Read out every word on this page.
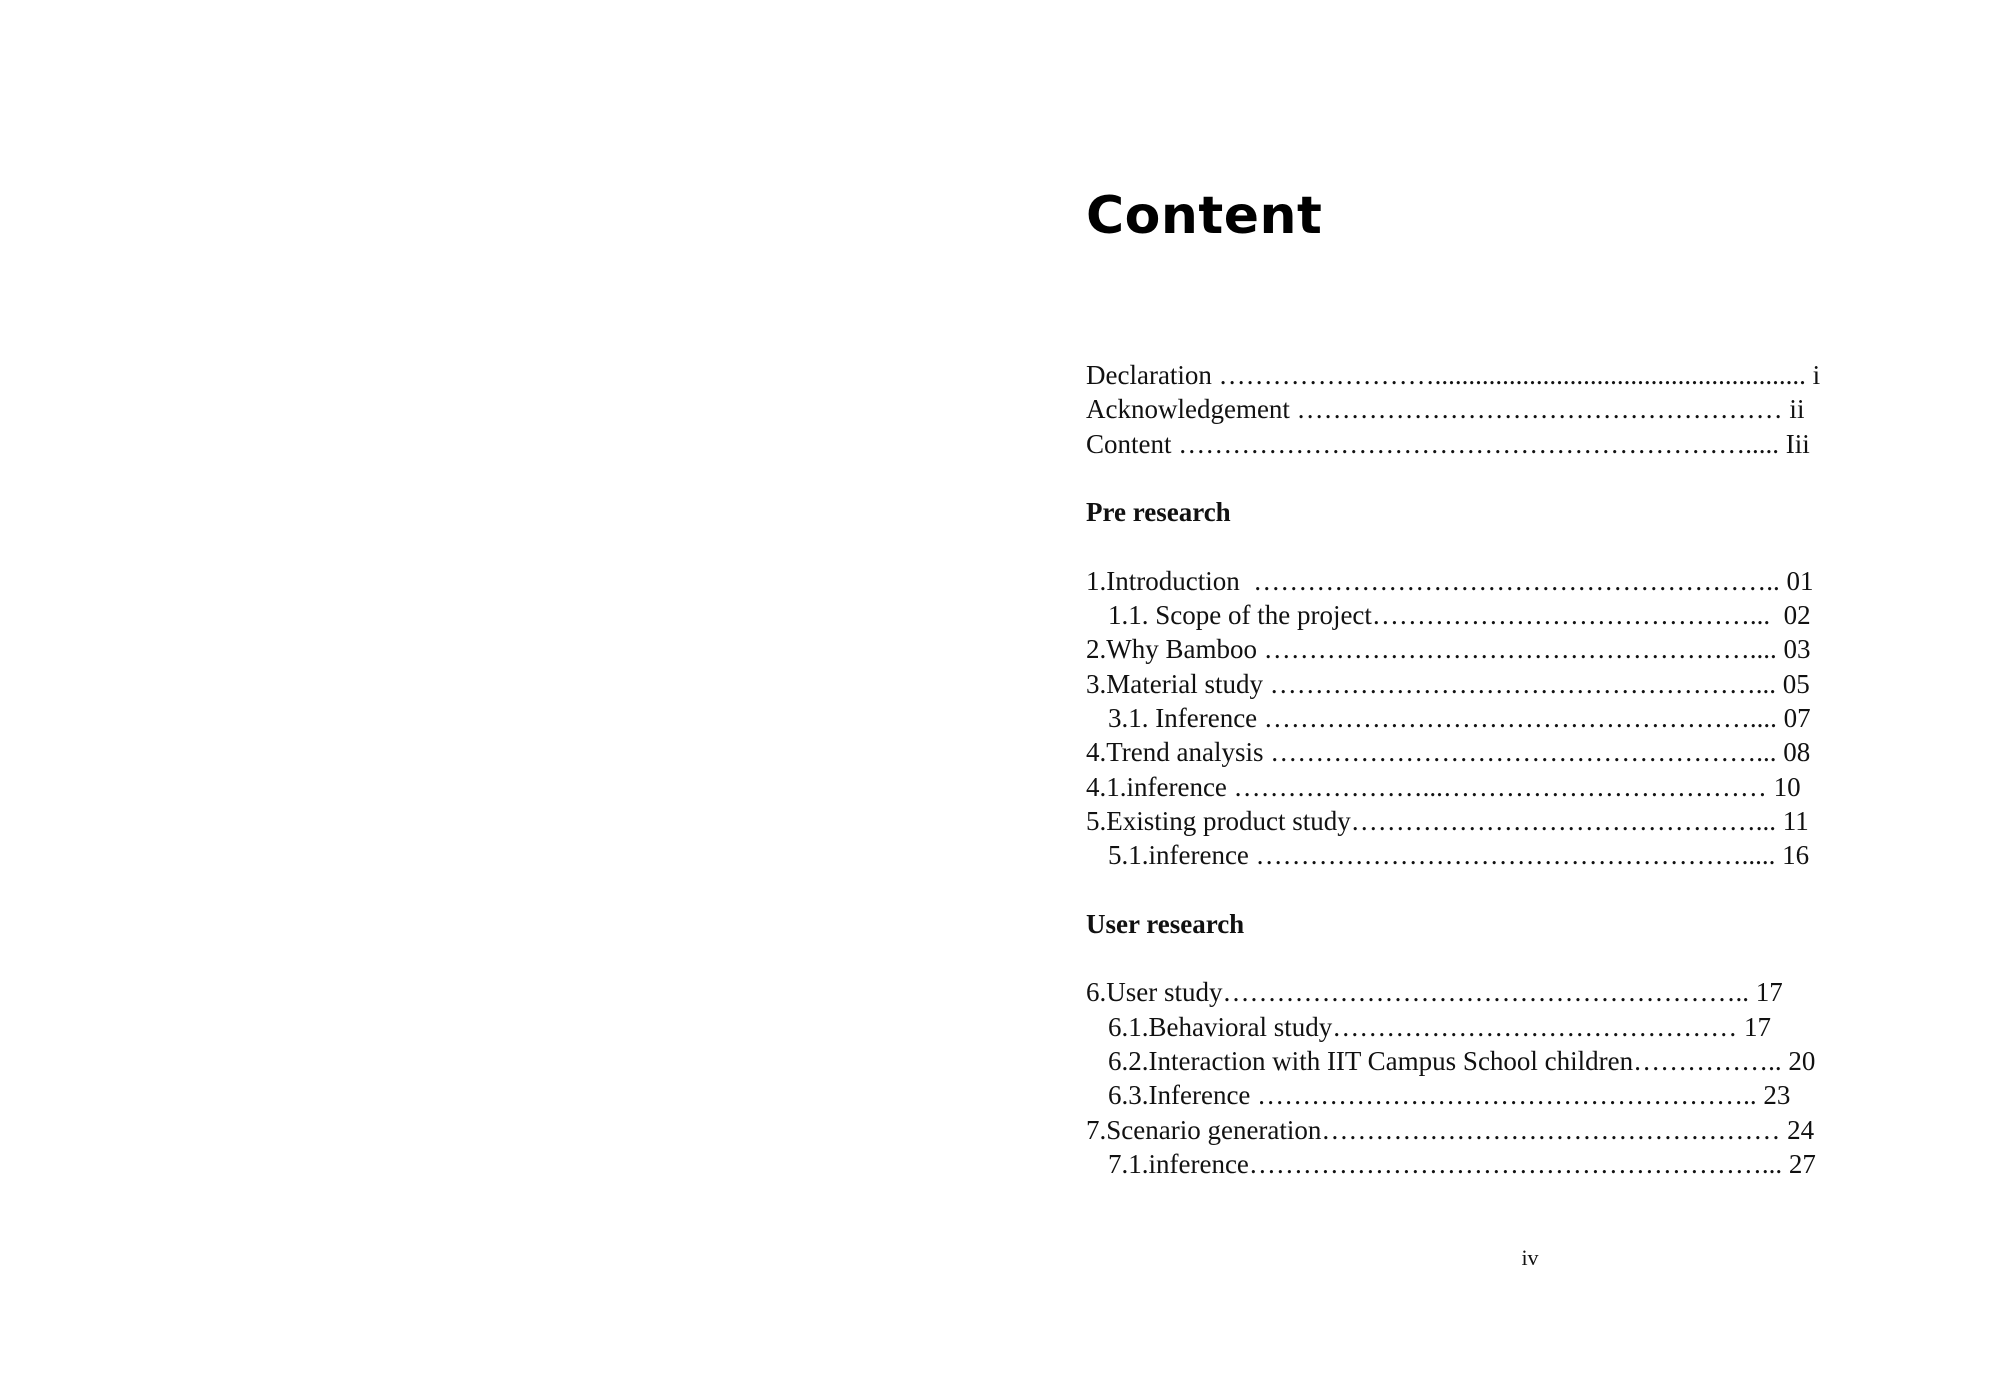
Content
Declaration ……………………....................................................... i
Acknowledgement ……………………………………………… ii
Content ………………………………………………………..... Iii
Pre research
1.Introduction  ………………………………………………….. 01
1.1. Scope of the project……………………………………...  02
2.Why Bamboo ……………………………………………….... 03
3.Material study ………………………………………………... 05
3.1. Inference ……………………………………………….... 07
4.Trend analysis ………………………………………………... 08
4.1.inference …………………...……………………………… 10
5.Existing product study………………………………………... 11
5.1.inference ………………………………………………..... 16
User research
6.User study………………………………………………….. 17
6.1.Behavioral study……………………………………… 17
6.2.Interaction with IIT Campus School children…………….. 20
6.3.Inference ……………………………………………….. 23
7.Scenario generation…………………………………………… 24
7.1.inference…………………………………………………... 27
iv
